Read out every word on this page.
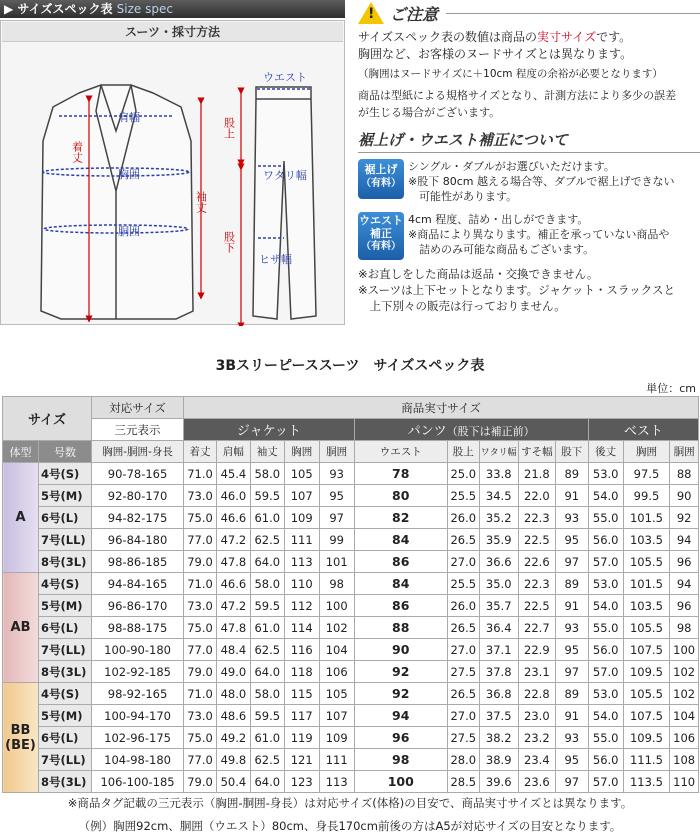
▶ サイズスペック表 Size spec
スーツ・採寸方法
肩幅
胸囲
胴囲
着丈
袖丈
股上
股下
ウエスト
ワタリ幅
ヒザ幅
! ご注意
サイズスペック表の数値は商品の実寸サイズです。
胸囲など、お客様のヌードサイズとは異なります。
（胸囲はヌードサイズに＋10cm 程度の余裕が必要となります）
商品は型紙による規格サイズとなり、計測方法により多少の誤差
が生じる場合がございます。
裾上げ・ウエスト補正について
裾上げ
（有料）
シングル・ダブルがお選びいただけます。
※股下 80cm 越える場合等、ダブルで裾上げできない
　可能性があります。
ウエスト
補正
（有料）
4cm 程度、詰め・出しができます。
※商品により異なります。補正を承っていない商品や
　詰めのみ可能な商品もございます。
※お直しをした商品は返品・交換できません。
※スーツは上下セットとなります。ジャケット・スラックスと
　上下別々の販売は行っておりません。
3Bスリーピーススーツ　サイズスペック表
単位：cm
サイズ		対応サイズ	商品実寸サイズ												
		三元表示	ジャケット					パンツ（股下は補正前）					ベスト		
体型	号数	胸囲-胴囲-身長	着丈	肩幅	袖丈	胸囲	胴囲	ウエスト	股上	ワタリ幅	すそ幅	股下	後丈	胸囲	胴囲

A	4号(S)	90-78-165	71.0	45.4	58.0	105	93	78	25.0	33.8	21.8	89	53.0	97.5	88
	5号(M)	92-80-170	73.0	46.0	59.5	107	95	80	25.5	34.5	22.0	91	54.0	99.5	90
	6号(L)	94-82-175	75.0	46.6	61.0	109	97	82	26.0	35.2	22.3	93	55.0	101.5	92
	7号(LL)	96-84-180	77.0	47.2	62.5	111	99	84	26.5	35.9	22.5	95	56.0	103.5	94
	8号(3L)	98-86-185	79.0	47.8	64.0	113	101	86	27.0	36.6	22.6	97	57.0	105.5	96

AB	4号(S)	94-84-165	71.0	46.6	58.0	110	98	84	25.5	35.0	22.3	89	53.0	101.5	94
	5号(M)	96-86-170	73.0	47.2	59.5	112	100	86	26.0	35.7	22.5	91	54.0	103.5	96
	6号(L)	98-88-175	75.0	47.8	61.0	114	102	88	26.5	36.4	22.7	93	55.0	105.5	98
	7号(LL)	100-90-180	77.0	48.4	62.5	116	104	90	27.0	37.1	22.9	95	56.0	107.5	100
	8号(3L)	102-92-185	79.0	49.0	64.0	118	106	92	27.5	37.8	23.1	97	57.0	109.5	102

BB
(BE)	4号(S)	98-92-165	71.0	48.0	58.0	115	105	92	26.5	36.8	22.8	89	53.0	105.5	102
	5号(M)	100-94-170	73.0	48.6	59.5	117	107	94	27.0	37.5	23.0	91	54.0	107.5	104
	6号(L)	102-96-175	75.0	49.2	61.0	119	109	96	27.5	38.2	23.2	93	55.0	109.5	106
	7号(LL)	104-98-180	77.0	49.8	62.5	121	111	98	28.0	38.9	23.4	95	56.0	111.5	108
	8号(3L)	106-100-185	79.0	50.4	64.0	123	113	100	28.5	39.6	23.6	97	57.0	113.5	110
※商品タグ記載の三元表示（胸囲-胴囲-身長）は対応サイズ(体格)の目安で、商品実寸サイズとは異なります。
（例）胸囲92cm、胴囲（ウエスト）80cm、身長170cm前後の方はA5が対応サイズの目安となります。
